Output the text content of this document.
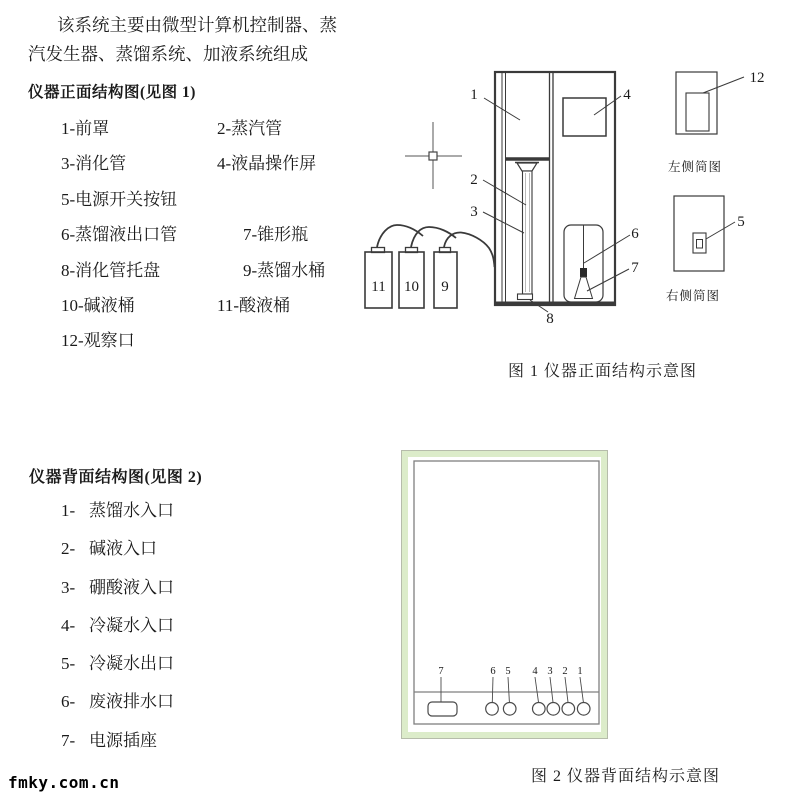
该系统主要由微型计算机控制器、蒸
汽发生器、蒸馏系统、加液系统组成
仪器正面结构图(见图 1)
1-前罩	2-蒸汽管
3-消化管	4-液晶操作屏
5-电源开关按钮
6-蒸馏液出口管	7-锥形瓶
8-消化管托盘	9-蒸馏水桶
10-碱液桶	11-酸液桶
12-观察口
1
2
3
4
6
7
8
11 10 9
12
5
左侧简图
右侧简图
图 1 仪器正面结构示意图
仪器背面结构图(见图 2)
1- 蒸馏水入口
2- 碱液入口
3- 硼酸液入口
4- 冷凝水入口
5- 冷凝水出口
6- 废液排水口
7- 电源插座
7	6 5 4 3 2 1
图 2 仪器背面结构示意图
fmky.com.cn
